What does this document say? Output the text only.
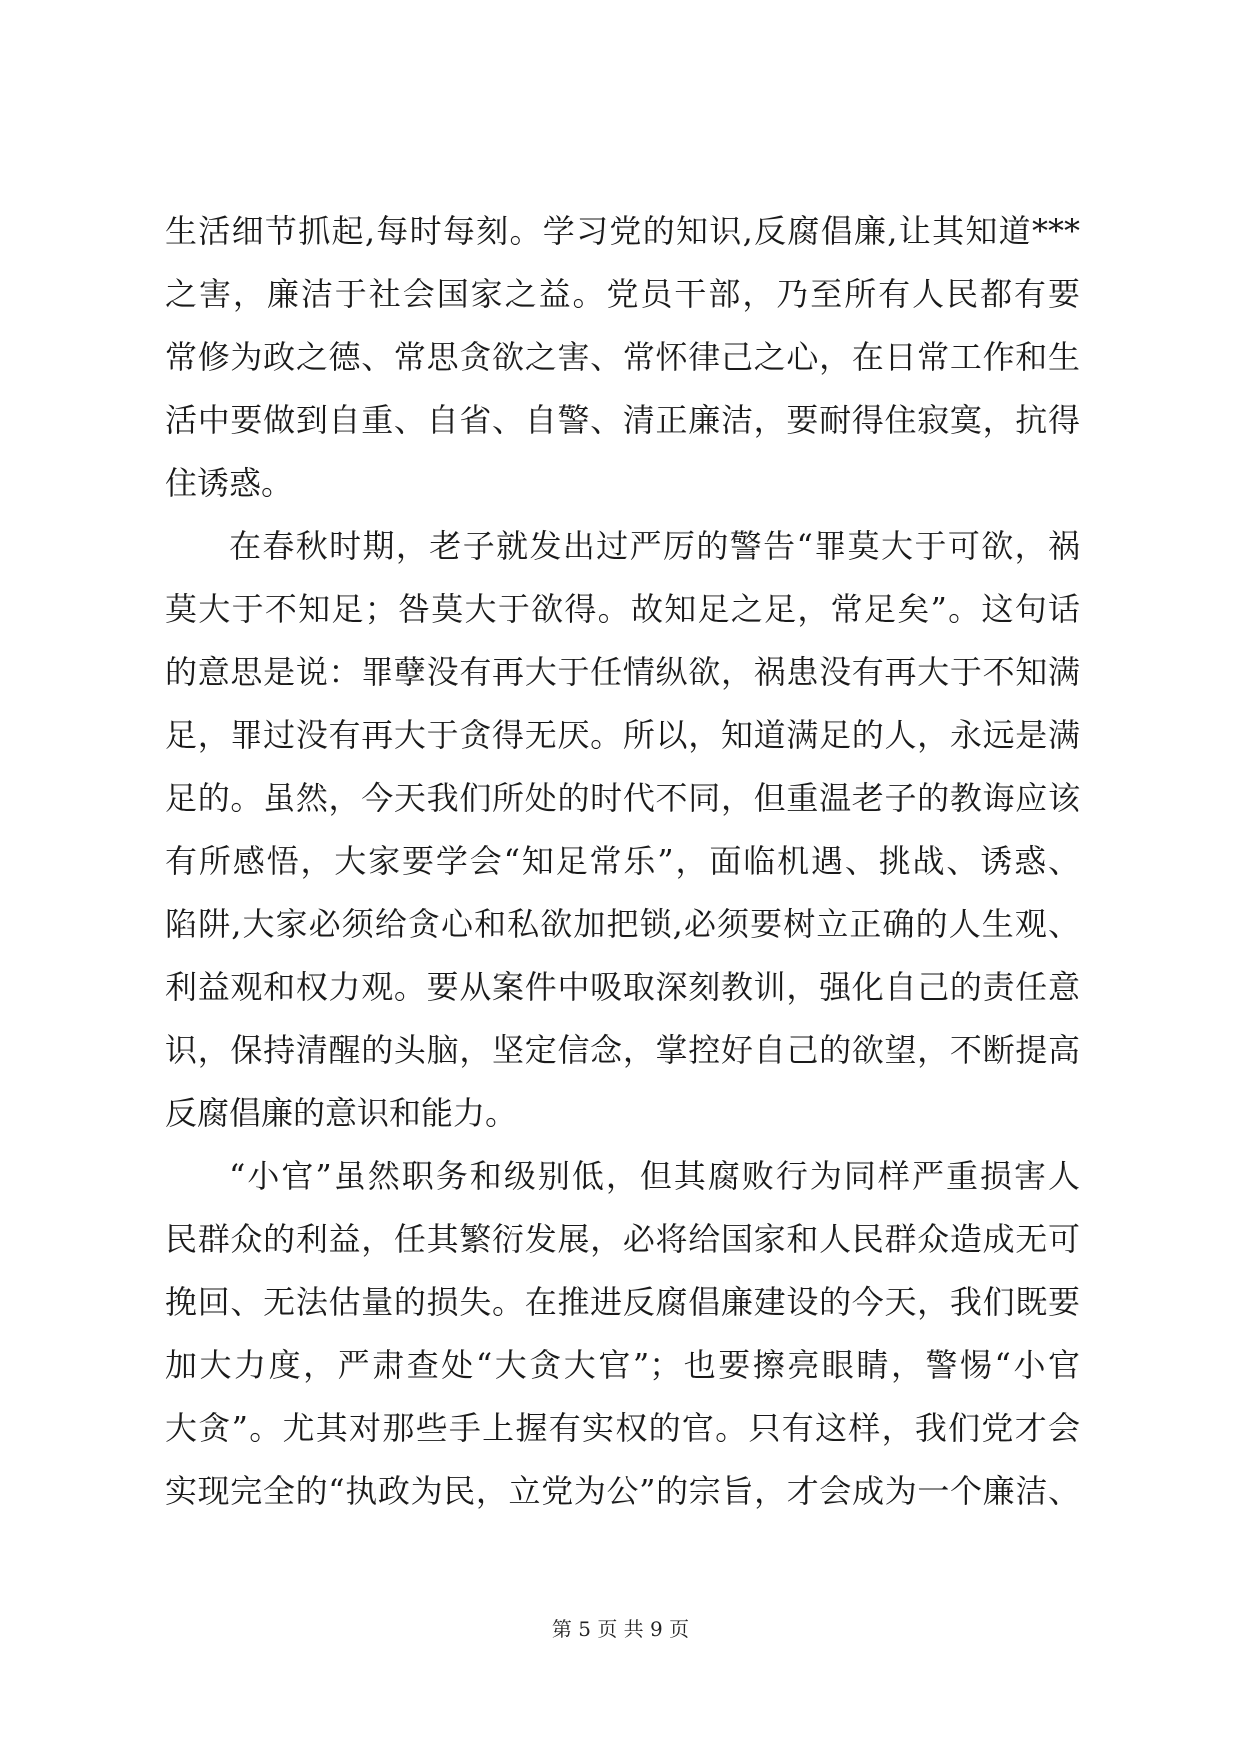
生活细节抓起,每时每刻。学习党的知识,反腐倡廉,让其知道***
之害，廉洁于社会国家之益。党员干部，乃至所有人民都有要
常修为政之德、常思贪欲之害、常怀律己之心，在日常工作和生
活中要做到自重、自省、自警、清正廉洁，要耐得住寂寞，抗得
住诱惑。
在春秋时期，老子就发出过严厉的警告“罪莫大于可欲，祸
莫大于不知足；咎莫大于欲得。故知足之足，常足矣”。这句话
的意思是说：罪孽没有再大于任情纵欲，祸患没有再大于不知满
足，罪过没有再大于贪得无厌。所以，知道满足的人，永远是满
足的。虽然，今天我们所处的时代不同，但重温老子的教诲应该
有所感悟，大家要学会“知足常乐”，面临机遇、挑战、诱惑、
陷阱,大家必须给贪心和私欲加把锁,必须要树立正确的人生观、
利益观和权力观。要从案件中吸取深刻教训，强化自己的责任意
识，保持清醒的头脑，坚定信念，掌控好自己的欲望，不断提高
反腐倡廉的意识和能力。
“小官”虽然职务和级别低，但其腐败行为同样严重损害人
民群众的利益，任其繁衍发展，必将给国家和人民群众造成无可
挽回、无法估量的损失。在推进反腐倡廉建设的今天，我们既要
加大力度，严肃查处“大贪大官”；也要擦亮眼睛，警惕“小官
大贪”。尤其对那些手上握有实权的官。只有这样，我们党才会
实现完全的“执政为民，立党为公”的宗旨，才会成为一个廉洁、
第 5 页 共 9 页
